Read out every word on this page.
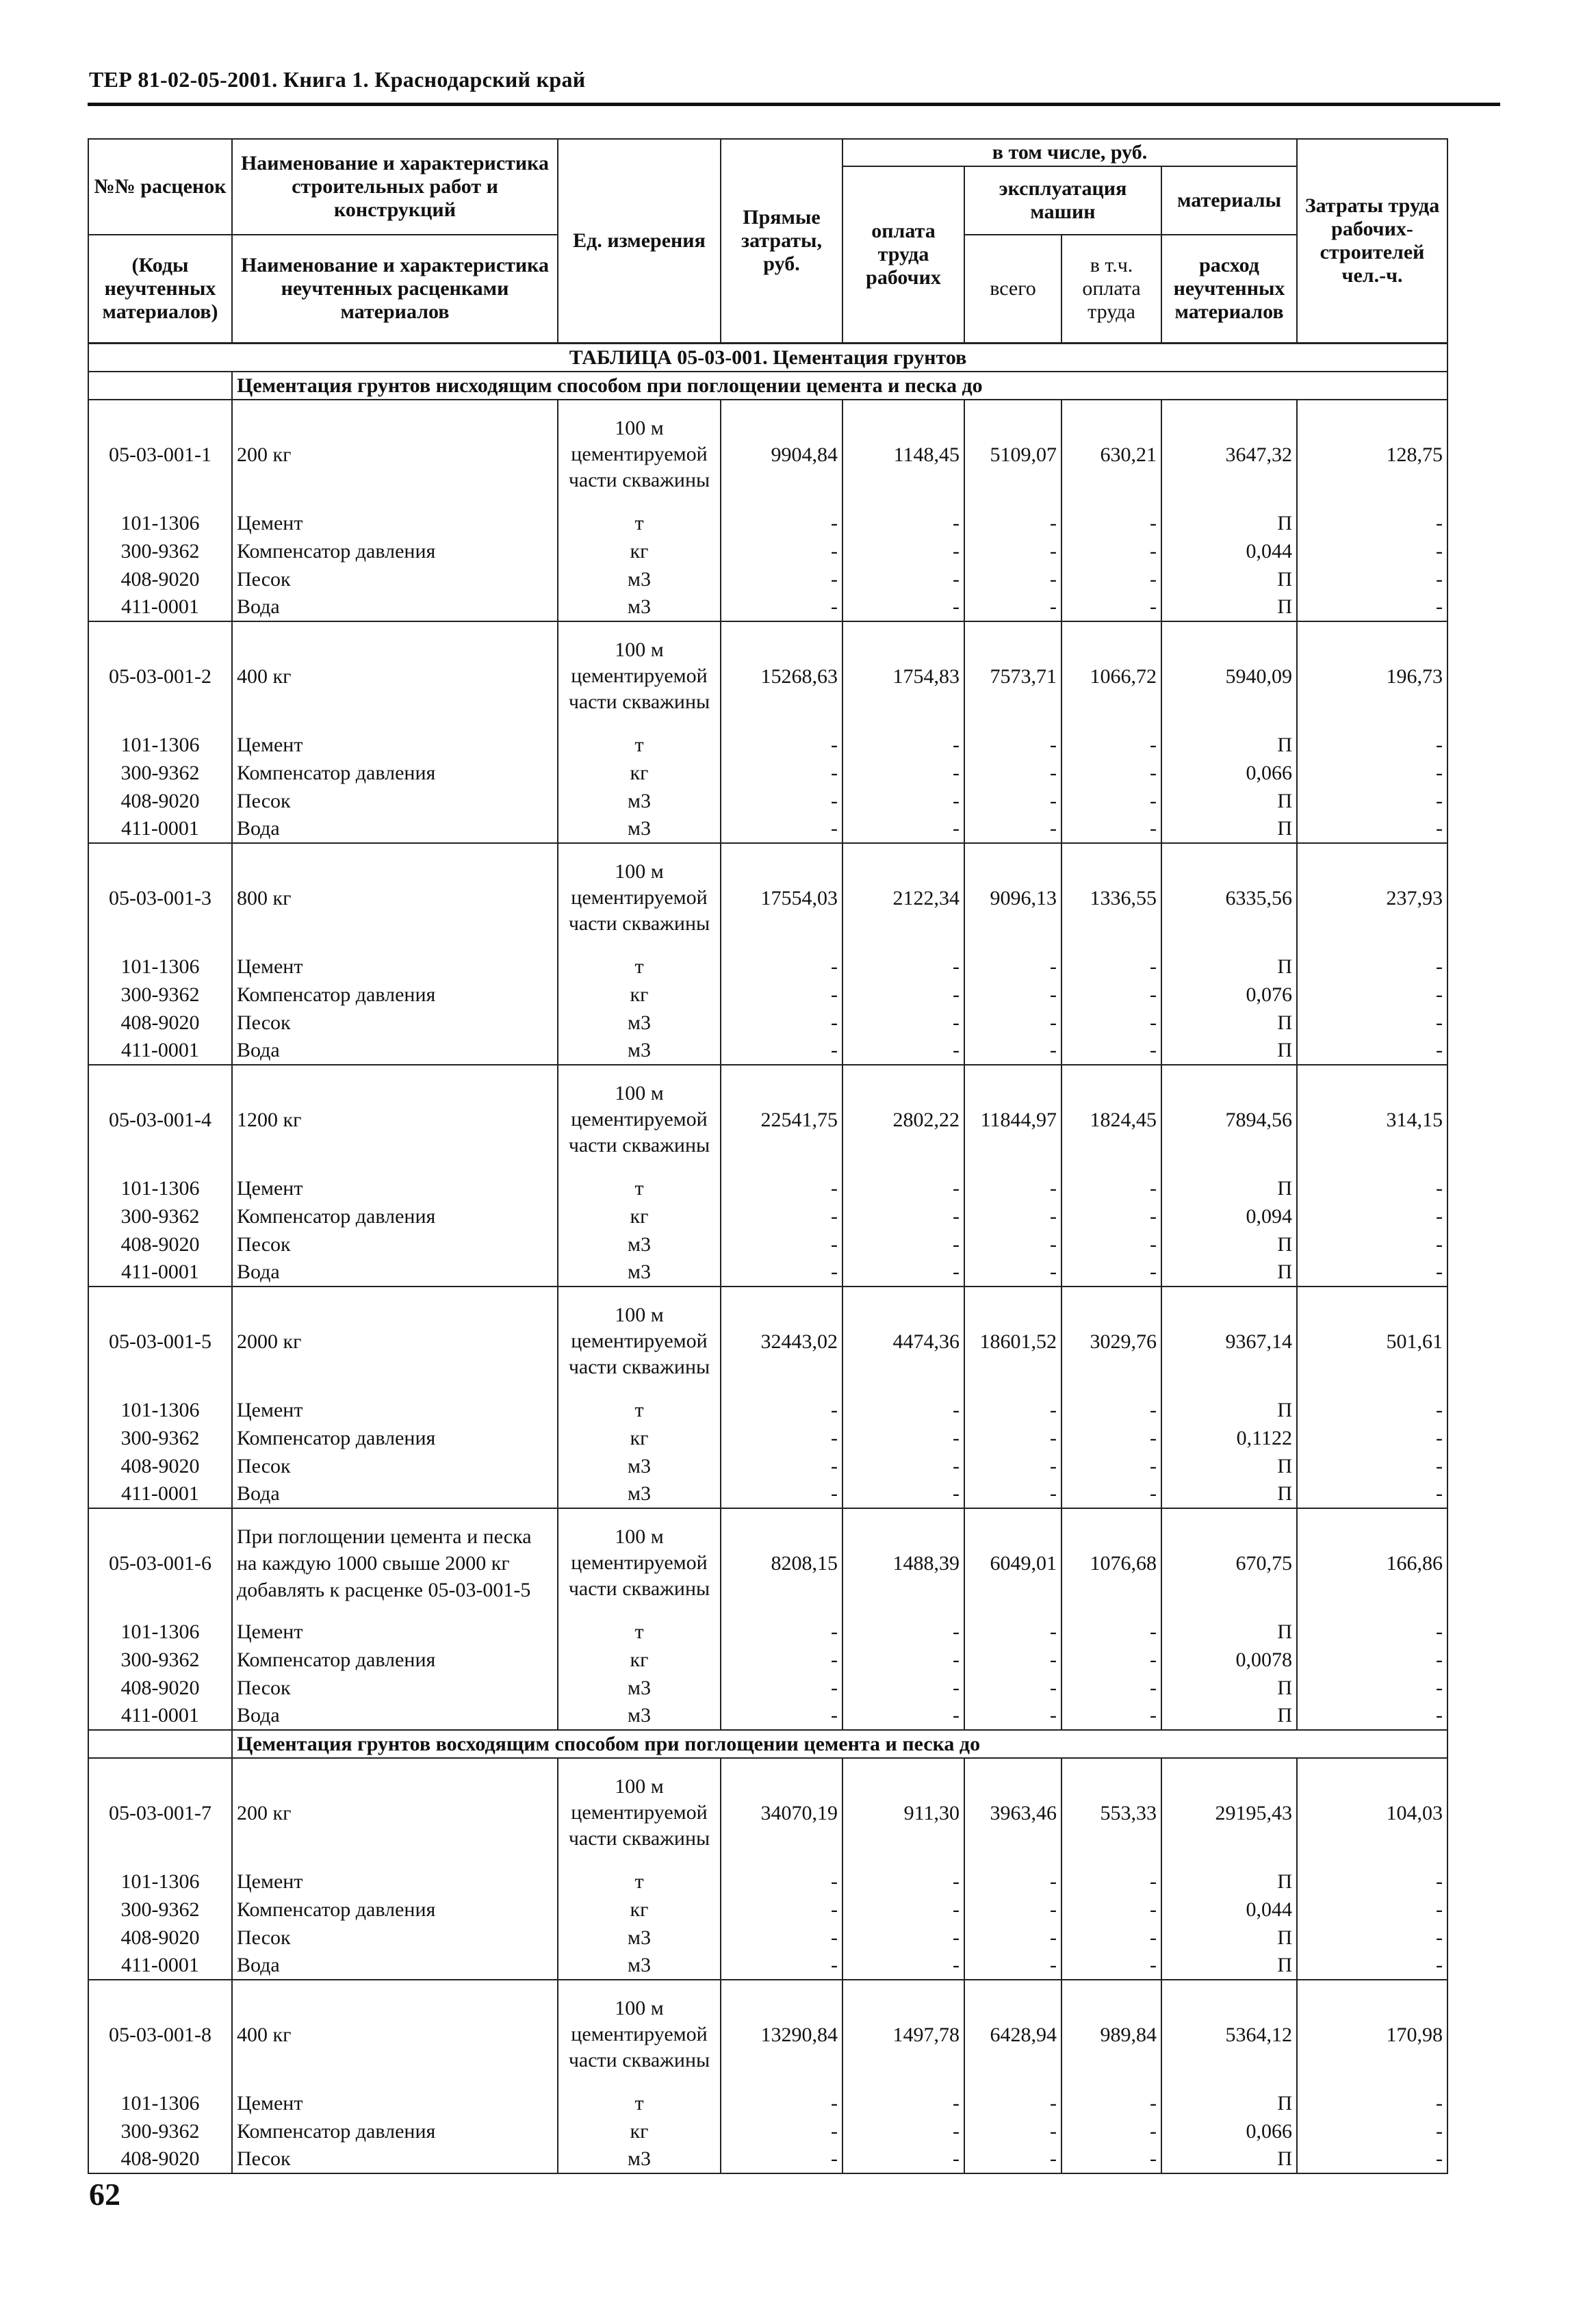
ТЕР 81-02-05-2001. Книга 1. Краснодарский край
№№ расценок	Наименование и характеристика строительных работ и конструкций	Ед. измерения	Прямые затраты, руб.	в том числе, руб.				Затраты труда рабочих-строителей чел.-ч.
				оплата труда рабочих	эксплуатация машин		материалы	
(Коды неучтенных материалов)	Наименование и характеристика неучтенных расценками материалов				всего	в т.ч. оплата труда	расход неучтенных материалов	
ТАБЛИЦА 05-03-001. Цементация грунтов								
	Цементация грунтов нисходящим способом при поглощении цемента и песка до							
05-03-001-1	200 кг	100 м цементируемой части скважины	9904,84	1148,45	5109,07	630,21	3647,32	128,75
101-1306	Цемент	т	-	-	-	-	П	-
300-9362	Компенсатор давления	кг	-	-	-	-	0,044	-
408-9020	Песок	м3	-	-	-	-	П	-
411-0001	Вода	м3	-	-	-	-	П	-
05-03-001-2	400 кг	100 м цементируемой части скважины	15268,63	1754,83	7573,71	1066,72	5940,09	196,73
101-1306	Цемент	т	-	-	-	-	П	-
300-9362	Компенсатор давления	кг	-	-	-	-	0,066	-
408-9020	Песок	м3	-	-	-	-	П	-
411-0001	Вода	м3	-	-	-	-	П	-
05-03-001-3	800 кг	100 м цементируемой части скважины	17554,03	2122,34	9096,13	1336,55	6335,56	237,93
101-1306	Цемент	т	-	-	-	-	П	-
300-9362	Компенсатор давления	кг	-	-	-	-	0,076	-
408-9020	Песок	м3	-	-	-	-	П	-
411-0001	Вода	м3	-	-	-	-	П	-
05-03-001-4	1200 кг	100 м цементируемой части скважины	22541,75	2802,22	11844,97	1824,45	7894,56	314,15
101-1306	Цемент	т	-	-	-	-	П	-
300-9362	Компенсатор давления	кг	-	-	-	-	0,094	-
408-9020	Песок	м3	-	-	-	-	П	-
411-0001	Вода	м3	-	-	-	-	П	-
05-03-001-5	2000 кг	100 м цементируемой части скважины	32443,02	4474,36	18601,52	3029,76	9367,14	501,61
101-1306	Цемент	т	-	-	-	-	П	-
300-9362	Компенсатор давления	кг	-	-	-	-	0,1122	-
408-9020	Песок	м3	-	-	-	-	П	-
411-0001	Вода	м3	-	-	-	-	П	-
05-03-001-6	При поглощении цемента и песка на каждую 1000 свыше 2000 кг добавлять к расценке 05-03-001-5	100 м цементируемой части скважины	8208,15	1488,39	6049,01	1076,68	670,75	166,86
101-1306	Цемент	т	-	-	-	-	П	-
300-9362	Компенсатор давления	кг	-	-	-	-	0,0078	-
408-9020	Песок	м3	-	-	-	-	П	-
411-0001	Вода	м3	-	-	-	-	П	-
	Цементация грунтов восходящим способом при поглощении цемента и песка до							
05-03-001-7	200 кг	100 м цементируемой части скважины	34070,19	911,30	3963,46	553,33	29195,43	104,03
101-1306	Цемент	т	-	-	-	-	П	-
300-9362	Компенсатор давления	кг	-	-	-	-	0,044	-
408-9020	Песок	м3	-	-	-	-	П	-
411-0001	Вода	м3	-	-	-	-	П	-
05-03-001-8	400 кг	100 м цементируемой части скважины	13290,84	1497,78	6428,94	989,84	5364,12	170,98
101-1306	Цемент	т	-	-	-	-	П	-
300-9362	Компенсатор давления	кг	-	-	-	-	0,066	-
408-9020	Песок	м3	-	-	-	-	П	-
62
